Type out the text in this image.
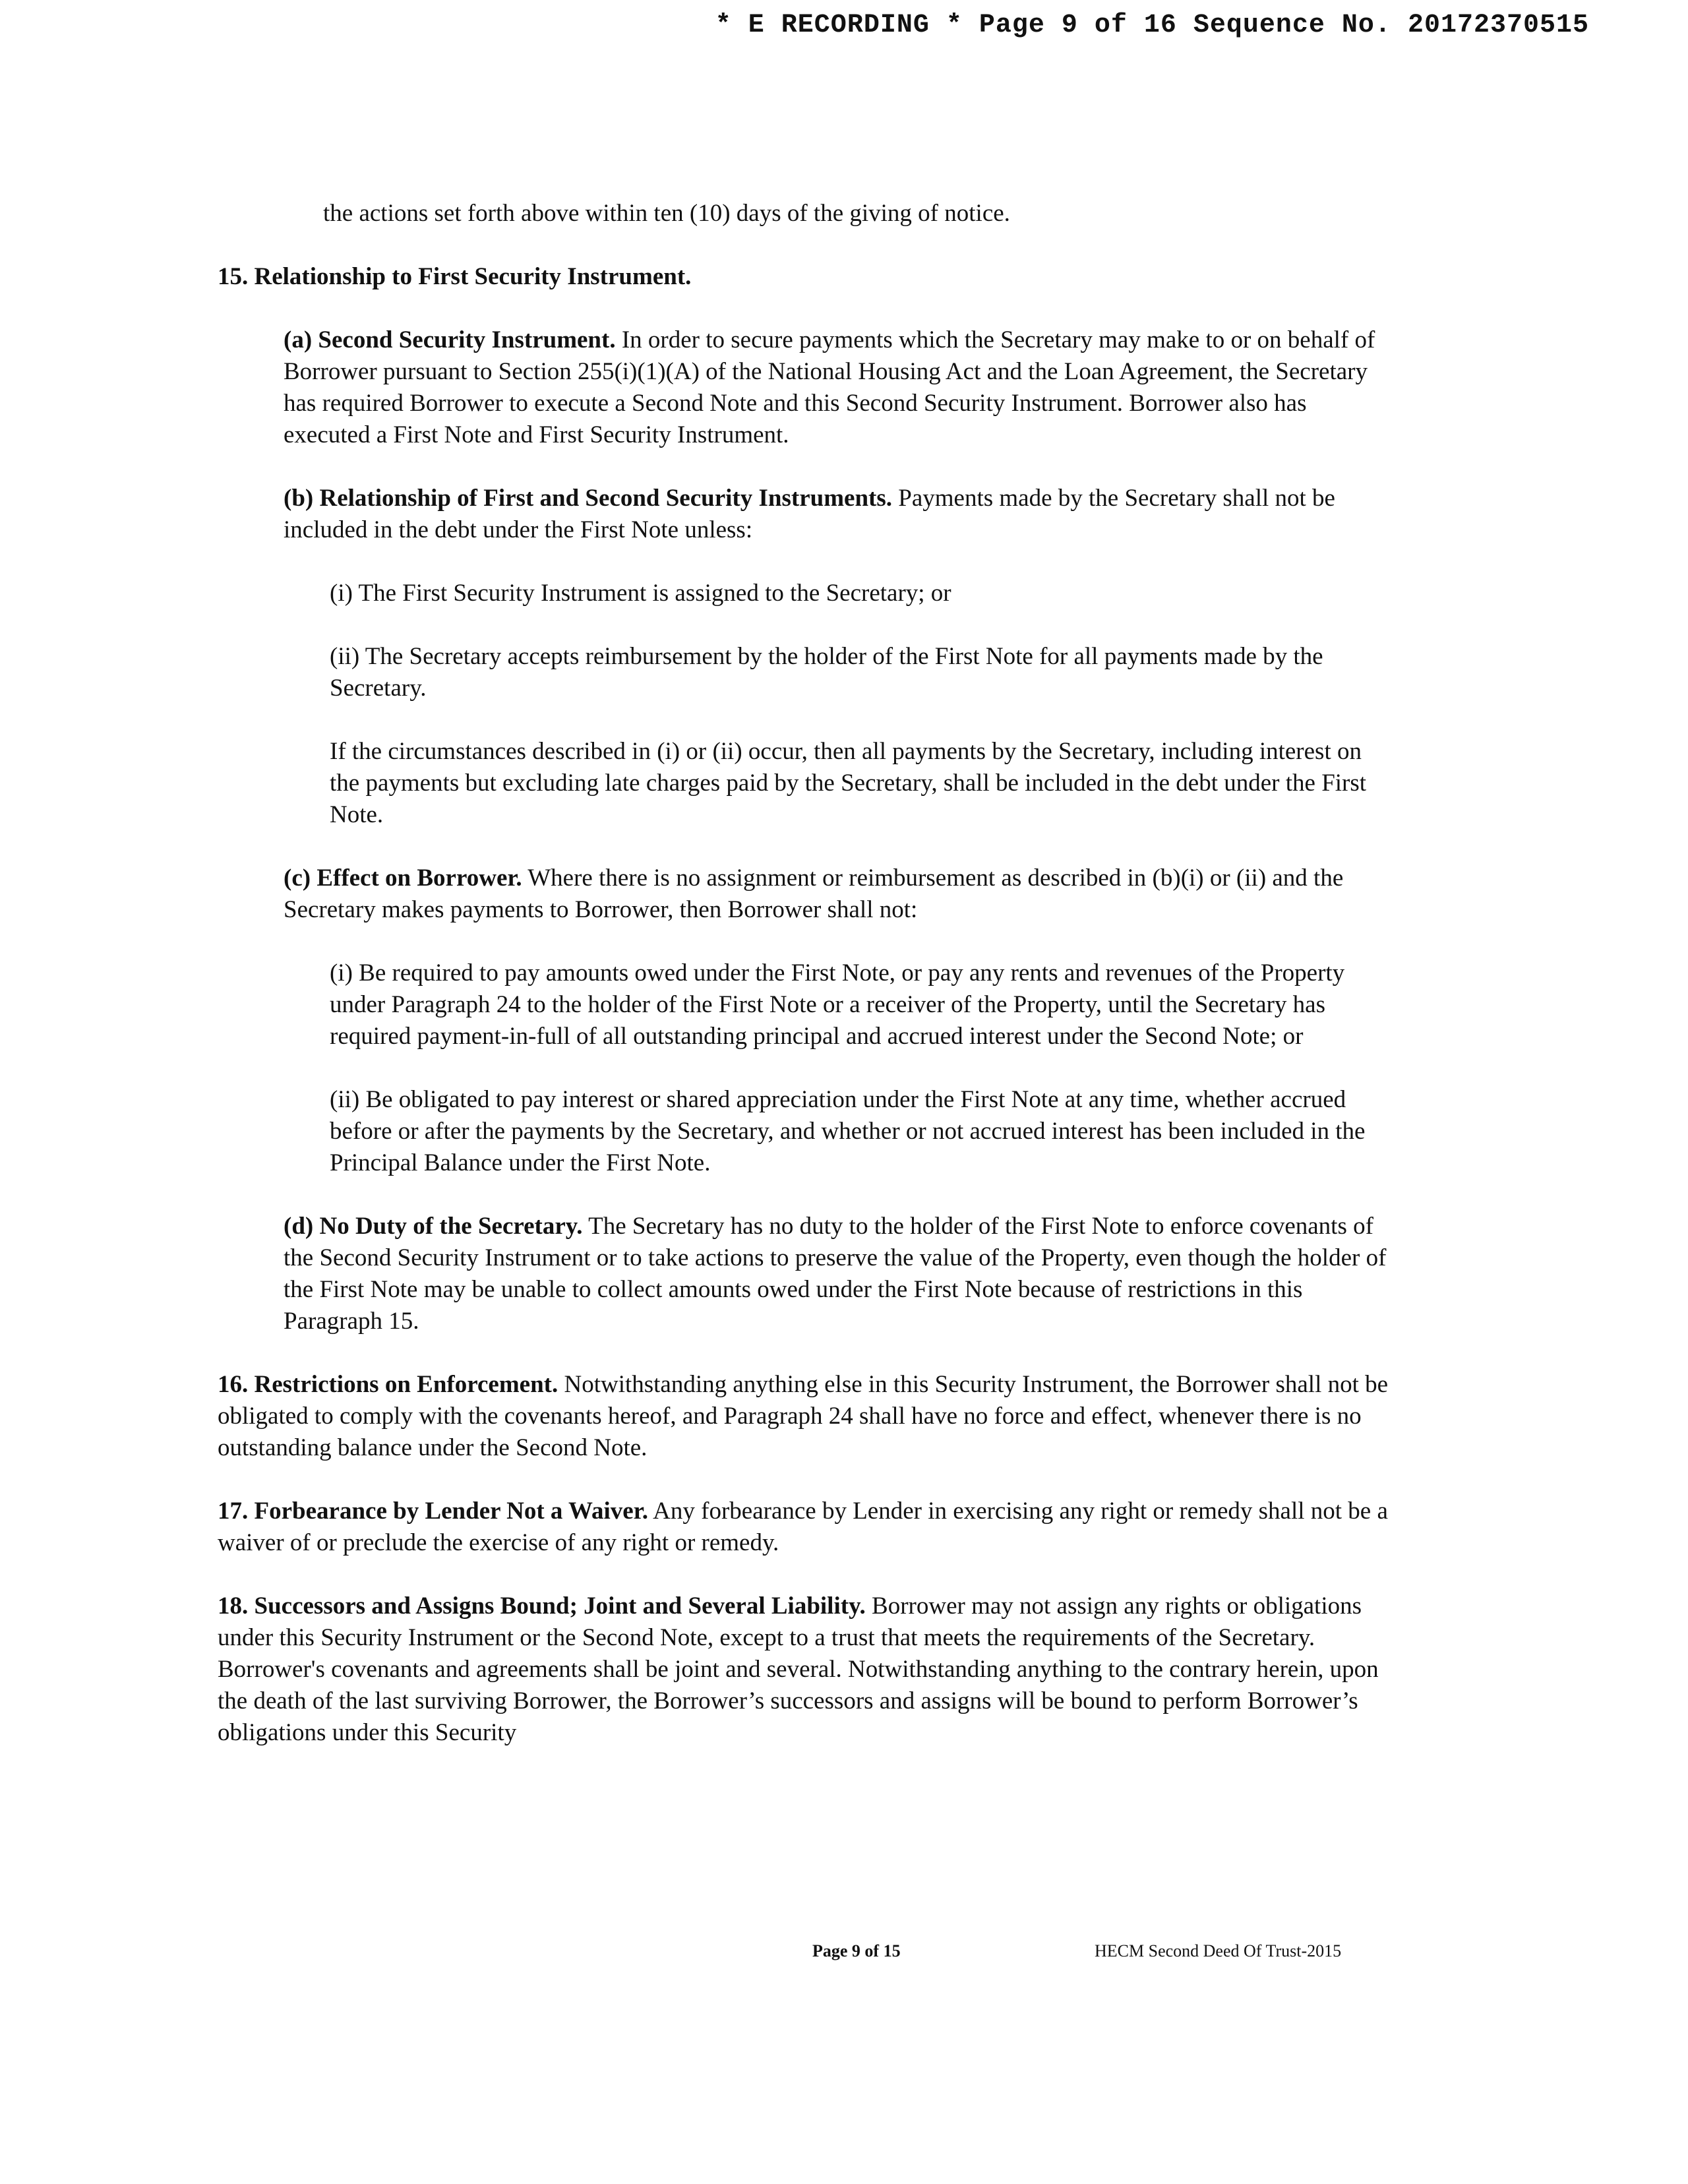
* E RECORDING * Page 9 of 16 Sequence No. 20172370515

the actions set forth above within ten (10) days of the giving of notice.

15. Relationship to First Security Instrument.

(a) Second Security Instrument. In order to secure payments which the Secretary may make to or on behalf of Borrower pursuant to Section 255(i)(1)(A) of the National Housing Act and the Loan Agreement, the Secretary has required Borrower to execute a Second Note and this Second Security Instrument. Borrower also has executed a First Note and First Security Instrument.

(b) Relationship of First and Second Security Instruments. Payments made by the Secretary shall not be included in the debt under the First Note unless:

(i) The First Security Instrument is assigned to the Secretary; or

(ii) The Secretary accepts reimbursement by the holder of the First Note for all payments made by the Secretary.

If the circumstances described in (i) or (ii) occur, then all payments by the Secretary, including interest on the payments but excluding late charges paid by the Secretary, shall be included in the debt under the First Note.

(c) Effect on Borrower. Where there is no assignment or reimbursement as described in (b)(i) or (ii) and the Secretary makes payments to Borrower, then Borrower shall not:

(i) Be required to pay amounts owed under the First Note, or pay any rents and revenues of the Property under Paragraph 24 to the holder of the First Note or a receiver of the Property, until the Secretary has required payment-in-full of all outstanding principal and accrued interest under the Second Note; or

(ii) Be obligated to pay interest or shared appreciation under the First Note at any time, whether accrued before or after the payments by the Secretary, and whether or not accrued interest has been included in the Principal Balance under the First Note.

(d) No Duty of the Secretary. The Secretary has no duty to the holder of the First Note to enforce covenants of the Second Security Instrument or to take actions to preserve the value of the Property, even though the holder of the First Note may be unable to collect amounts owed under the First Note because of restrictions in this Paragraph 15.

16. Restrictions on Enforcement. Notwithstanding anything else in this Security Instrument, the Borrower shall not be obligated to comply with the covenants hereof, and Paragraph 24 shall have no force and effect, whenever there is no outstanding balance under the Second Note.

17. Forbearance by Lender Not a Waiver. Any forbearance by Lender in exercising any right or remedy shall not be a waiver of or preclude the exercise of any right or remedy.

18. Successors and Assigns Bound; Joint and Several Liability. Borrower may not assign any rights or obligations under this Security Instrument or the Second Note, except to a trust that meets the requirements of the Secretary. Borrower's covenants and agreements shall be joint and several. Notwithstanding anything to the contrary herein, upon the death of the last surviving Borrower, the Borrower’s successors and assigns will be bound to perform Borrower’s obligations under this Security

Page 9 of 15	HECM Second Deed Of Trust-2015
